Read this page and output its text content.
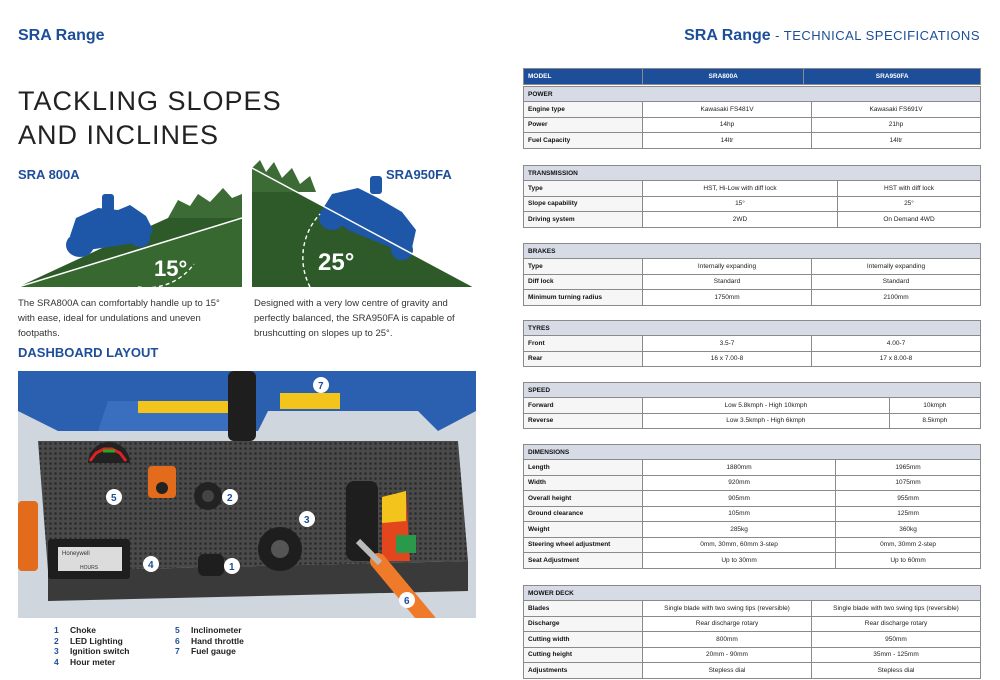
SRA Range	SRA Range - TECHNICAL SPECIFICATIONS
TACKLING SLOPES
AND INCLINES
SRA 800A
15°
The SRA800A can comfortably handle up to 15° with ease, ideal for undulations and uneven footpaths.
SRA950FA
25°
Designed with a very low centre of gravity and perfectly balanced, the SRA950FA is capable of brushcutting on slopes up to 25°.
DASHBOARD LAYOUT
Honeywell
HOURS	1
2
3
4
5
6
7
1	Choke
2	LED Lighting
3	Ignition switch
4	Hour meter
5	Inclinometer
6	Hand throttle
7	Fuel gauge
MODEL	SRA800A	SRA950FA
POWER		
Engine type	Kawasaki FS481V	Kawasaki FS691V
Power	14hp	21hp
Fuel Capacity	14ltr	14ltr
TRANSMISSION		
Type	HST, Hi-Low with diff lock	HST with diff lock
Slope capability	15°	25°
Driving system	2WD	On Demand 4WD
BRAKES		
Type	Internally expanding	Internally expanding
Diff lock	Standard	Standard
Minimum turning radius	1750mm	2100mm
TYRES		
Front	3.5-7	4.00-7
Rear	16 x 7.00-8	17 x 8.00-8
SPEED		
Forward	Low 5.8kmph - High 10kmph	10kmph
Reverse	Low 3.5kmph - High 6kmph	8.5kmph
DIMENSIONS		
Length	1880mm	1965mm
Width	920mm	1075mm
Overall height	905mm	955mm
Ground clearance	105mm	125mm
Weight	285kg	360kg
Steering wheel adjustment	0mm, 30mm, 60mm 3-step	0mm, 30mm 2-step
Seat Adjustment	Up to 30mm	Up to 60mm
MOWER DECK		
Blades	Single blade with two swing tips (reversible)	Single blade with two swing tips (reversible)
Discharge	Rear discharge rotary	Rear discharge rotary
Cutting width	800mm	950mm
Cutting height	20mm - 90mm	35mm - 125mm
Adjustments	Stepless dial	Stepless dial
